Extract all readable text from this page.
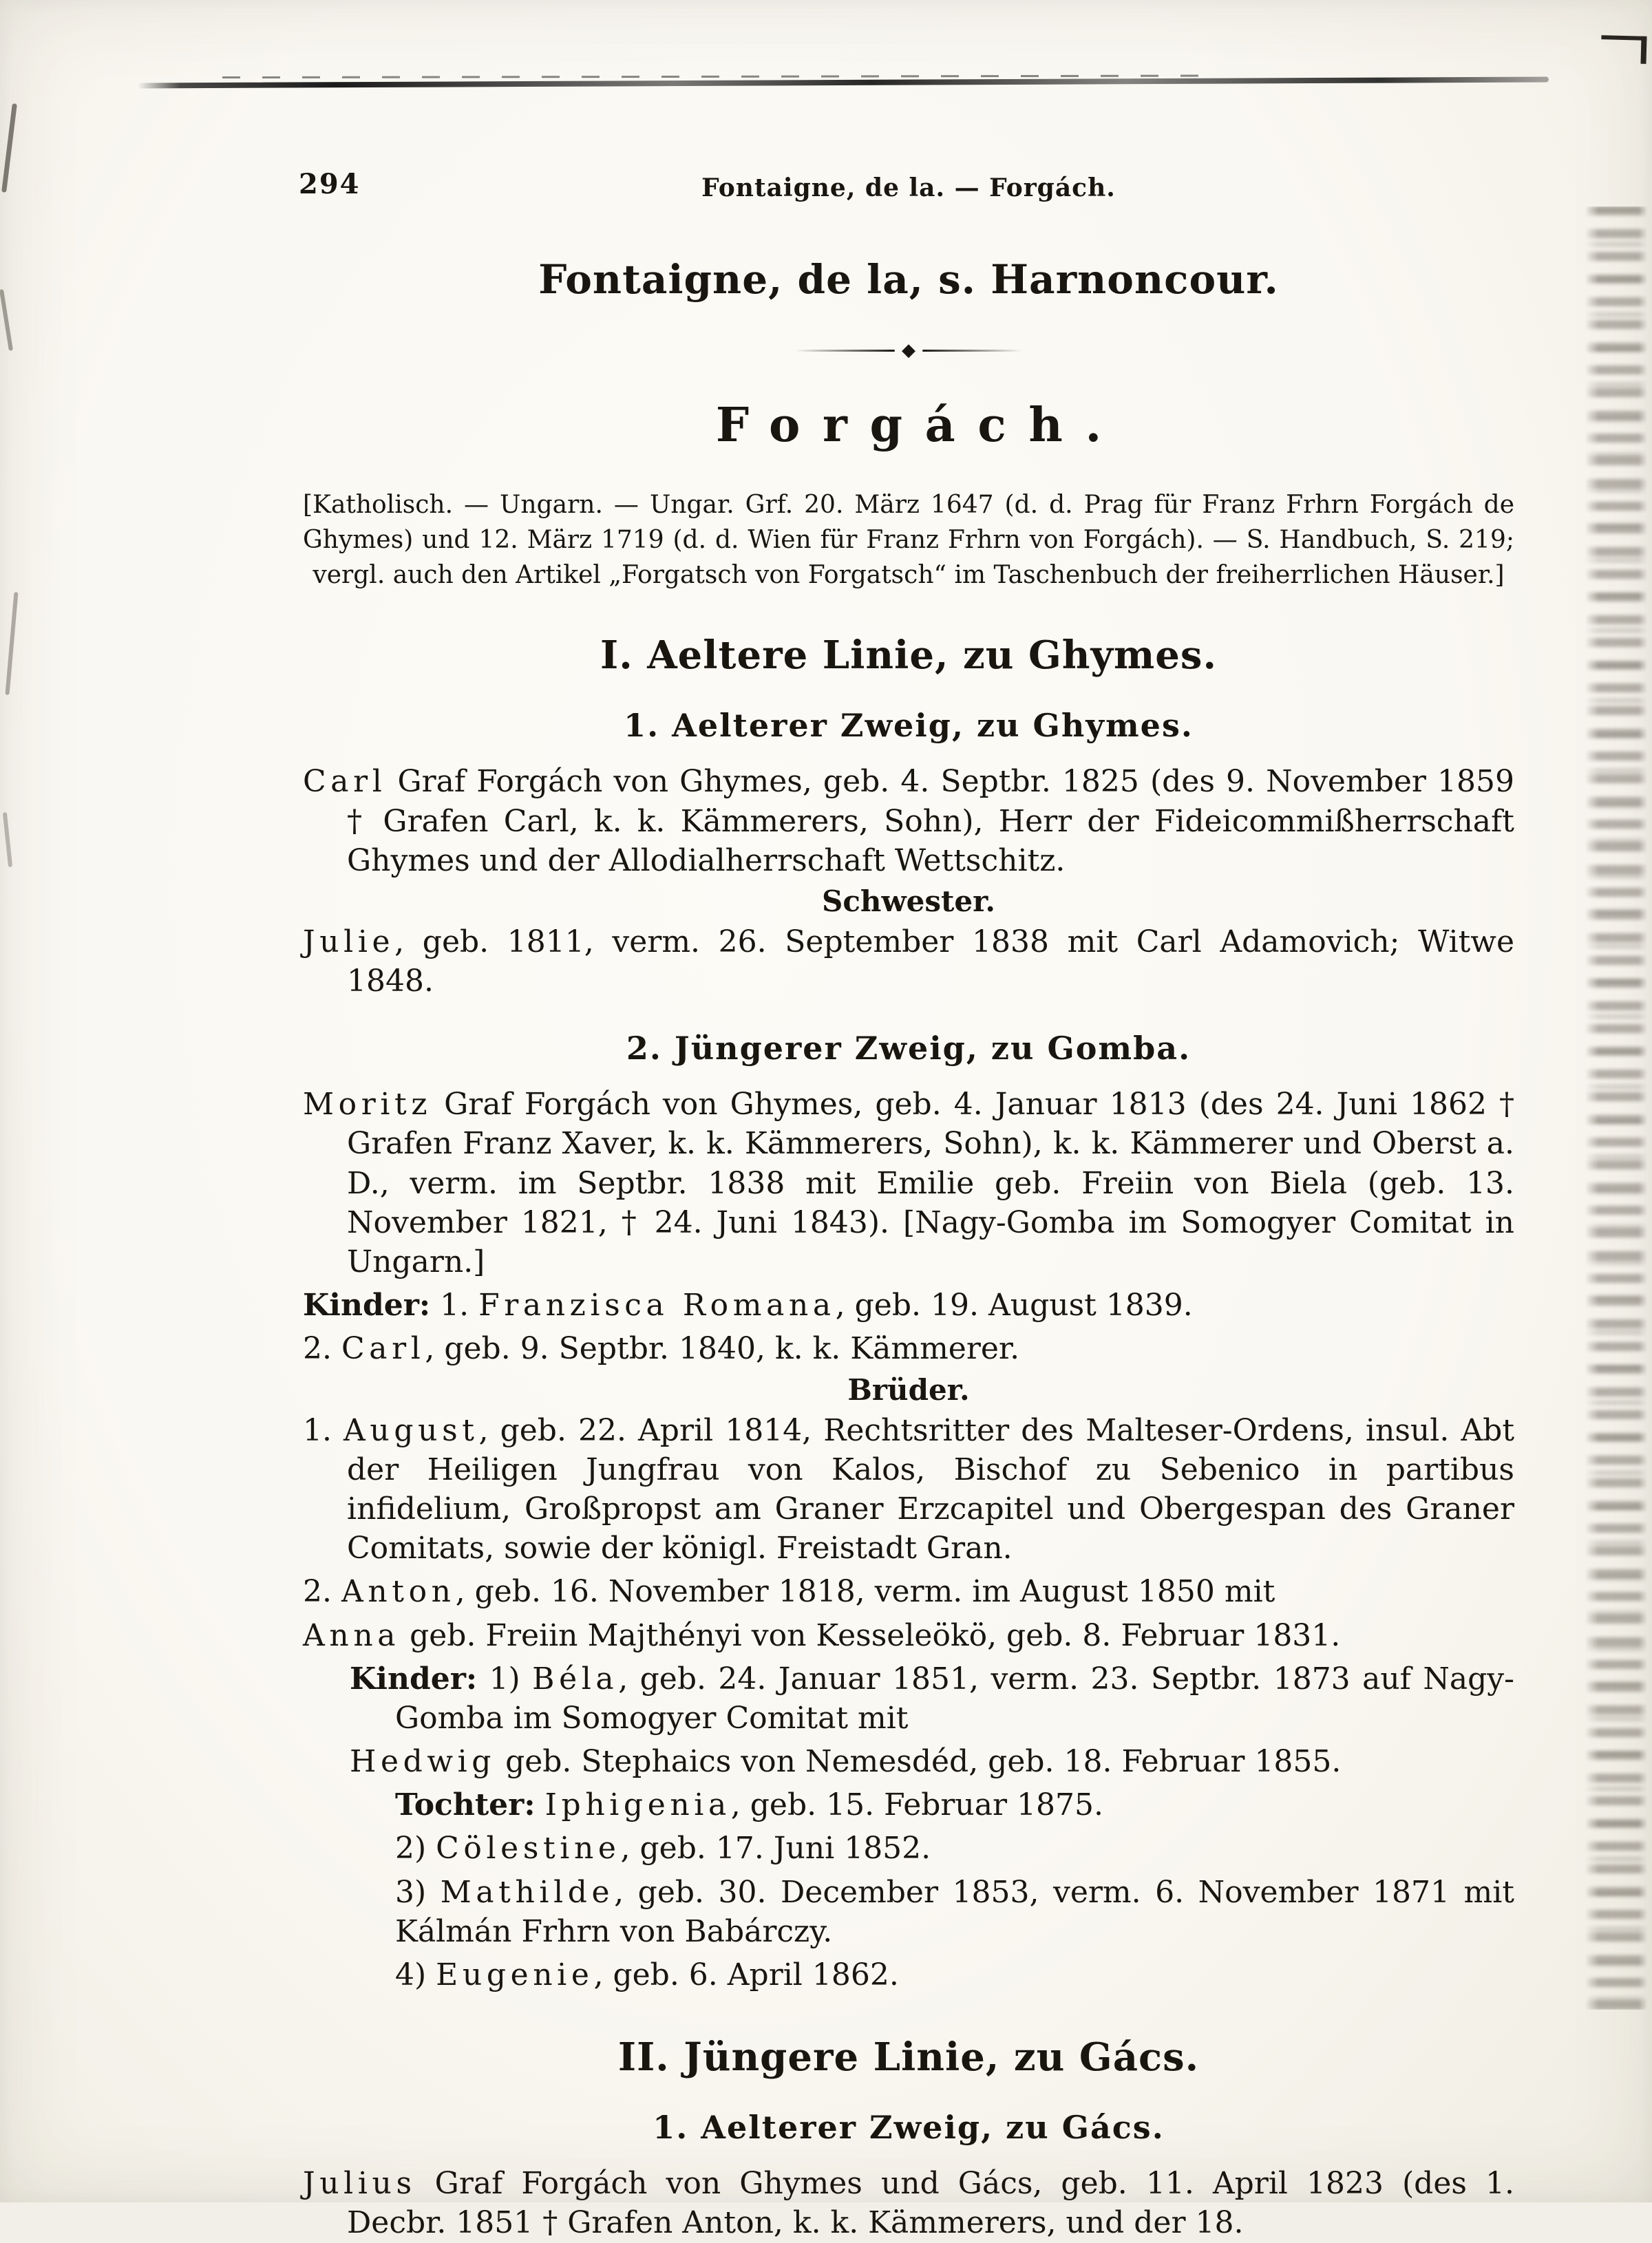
294	Fontaigne, de la. — Forgách.
Fontaigne, de la, s. Harnoncour.
◆
Forgách.

[Katholisch. — Ungarn. — Ungar. Grf. 20. März 1647 (d. d. Prag für Franz Frhrn Forgách de Ghymes) und 12. März 1719 (d. d. Wien für Franz Frhrn von Forgách). — S. Handbuch, S. 219; vergl. auch den Artikel „Forgatsch von Forgatsch“ im Taschenbuch der freiherrlichen Häuser.]

I. Aeltere Linie, zu Ghymes.
1. Aelterer Zweig, zu Ghymes.

Carl Graf Forgách von Ghymes, geb. 4. Septbr. 1825 (des 9. November 1859 † Grafen Carl, k. k. Kämmerers, Sohn), Herr der Fideicommißherrschaft Ghymes und der Allodialherrschaft Wettschitz.

Schwester.

Julie, geb. 1811, verm. 26. September 1838 mit Carl Adamovich; Witwe 1848.

2. Jüngerer Zweig, zu Gomba.

Moritz Graf Forgách von Ghymes, geb. 4. Januar 1813 (des 24. Juni 1862 † Grafen Franz Xaver, k. k. Kämmerers, Sohn), k. k. Kämmerer und Oberst a. D., verm. im Septbr. 1838 mit Emilie geb. Freiin von Biela (geb. 13. November 1821, † 24. Juni 1843). [Nagy-Gomba im Somogyer Comitat in Ungarn.]

Kinder: 1. Franzisca Romana, geb. 19. August 1839.

2. Carl, geb. 9. Septbr. 1840, k. k. Kämmerer.

Brüder.

1. August, geb. 22. April 1814, Rechtsritter des Malteser-Ordens, insul. Abt der Heiligen Jungfrau von Kalos, Bischof zu Sebenico in partibus infidelium, Großpropst am Graner Erzcapitel und Obergespan des Graner Comitats, sowie der königl. Freistadt Gran.

2. Anton, geb. 16. November 1818, verm. im August 1850 mit

Anna geb. Freiin Majthényi von Kesseleökö, geb. 8. Februar 1831.

Kinder: 1) Béla, geb. 24. Januar 1851, verm. 23. Septbr. 1873 auf Nagy-Gomba im Somogyer Comitat mit

Hedwig geb. Stephaics von Nemesdéd, geb. 18. Februar 1855.

Tochter: Iphigenia, geb. 15. Februar 1875.

2) Cölestine, geb. 17. Juni 1852.

3) Mathilde, geb. 30. December 1853, verm. 6. November 1871 mit Kálmán Frhrn von Babárczy.

4) Eugenie, geb. 6. April 1862.

II. Jüngere Linie, zu Gács.
1. Aelterer Zweig, zu Gács.

Julius Graf Forgách von Ghymes und Gács, geb. 11. April 1823 (des 1. Decbr. 1851 † Grafen Anton, k. k. Kämmerers, und der 18.
